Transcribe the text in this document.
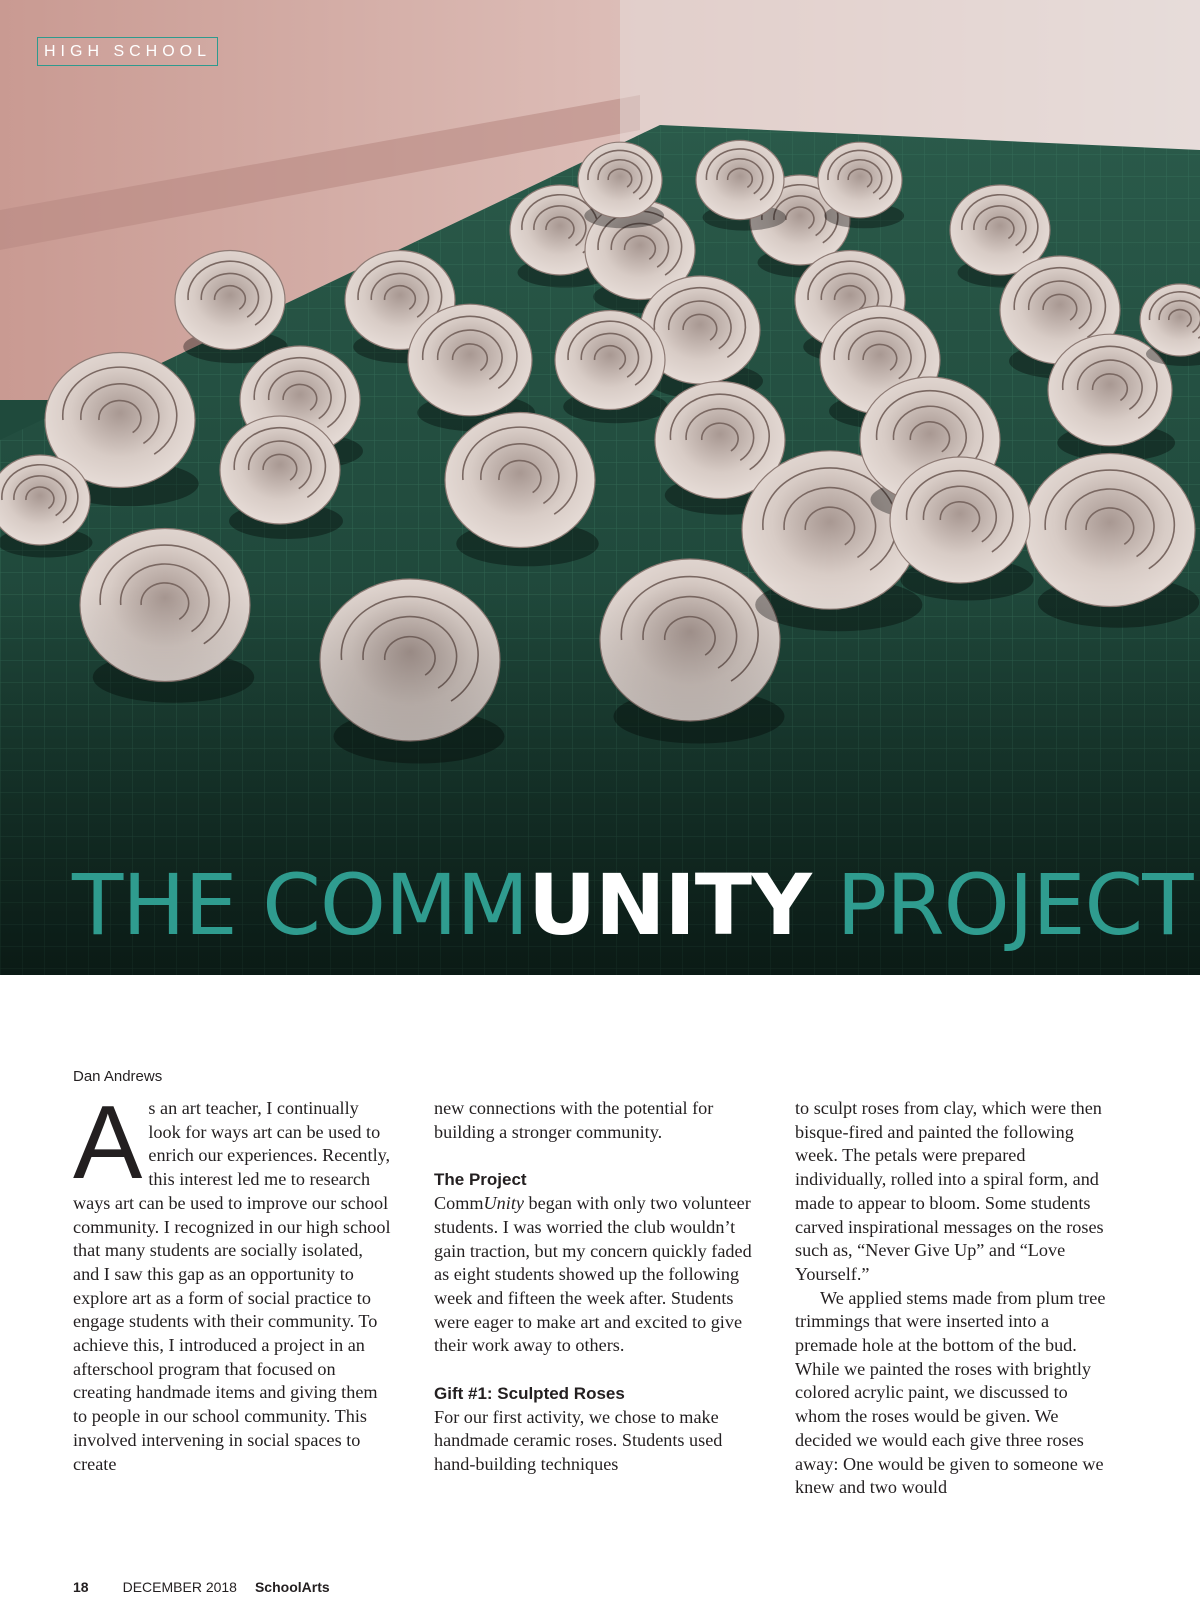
HIGH SCHOOL
THE COMMUNITY PROJECT
Dan Andrews

As an art teacher, I continually look for ways art can be used to enrich our experiences. Recently, this interest led me to research ways art can be used to improve our school community. I recognized in our high school that many students are socially isolated, and I saw this gap as an opportunity to explore art as a form of social practice to engage students with their community. To achieve this, I introduced a project in an afterschool program that focused on creating handmade items and giving them to people in our school community. This involved intervening in social spaces to create

new connections with the potential for building a stronger community.

The Project

CommUnity began with only two volunteer students. I was worried the club wouldn’t gain traction, but my concern quickly faded as eight students showed up the following week and fifteen the week after. Students were eager to make art and excited to give their work away to others.

Gift #1: Sculpted Roses

For our first activity, we chose to make handmade ceramic roses. Students used hand-building techniques

to sculpt roses from clay, which were then bisque-fired and painted the following week. The petals were prepared individually, rolled into a spiral form, and made to appear to bloom. Some students carved inspirational messages on the roses such as, “Never Give Up” and “Love Yourself.”

We applied stems made from plum tree trimmings that were inserted into a premade hole at the bottom of the bud. While we painted the roses with brightly colored acrylic paint, we discussed to whom the roses would be given. We decided we would each give three roses away: One would be given to someone we knew and two would

18 DECEMBER 2018 SchoolArts
